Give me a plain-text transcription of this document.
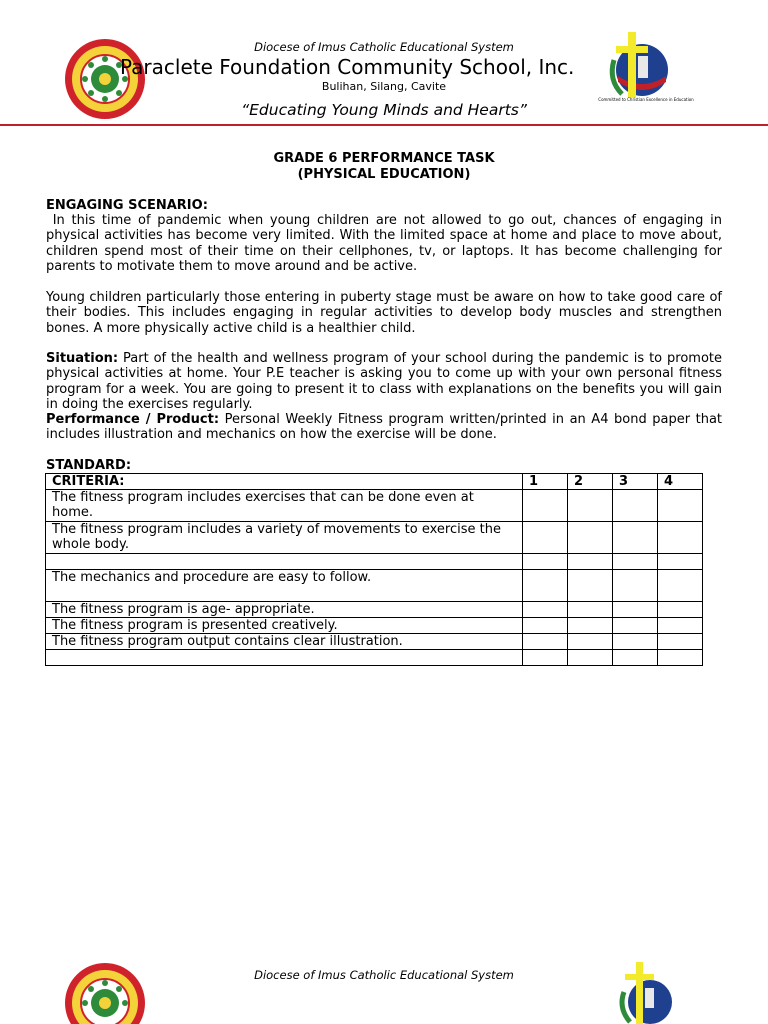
Committed to Christian Excellence in Education
Diocese of Imus Catholic Educational System
Paraclete Foundation Community School, Inc.
Bulihan, Silang, Cavite
“Educating Young Minds and Hearts”
GRADE 6 PERFORMANCE TASK
(PHYSICAL EDUCATION)
ENGAGING SCENARIO:
In this time of pandemic when young children are not allowed to go out, chances of engaging in physical activities has become very limited. With the limited space at home and place to move about, children spend most of their time on their cellphones, tv, or laptops. It has become challenging for parents to motivate them to move around and be active.
Young children particularly those entering in puberty stage must be aware on how to take good care of their bodies. This includes engaging in regular activities to develop body muscles and strengthen bones. A more physically active child is a healthier child.
Situation: Part of the health and wellness program of your school during the pandemic is to promote physical activities at home. Your P.E teacher is asking you to come up with your own personal fitness program for a week. You are going to present it to class with explanations on the benefits you will gain in doing the exercises regularly.
Performance / Product: Personal Weekly Fitness program written/printed in an A4 bond paper that includes illustration and mechanics on how the exercise will be done.
STANDARD:
CRITERIA:	1	2	3	4
The fitness program includes exercises that can be done even at home.				
The fitness program includes a variety of movements to exercise the whole body.				

The mechanics and procedure are easy to follow.				
The fitness program is age- appropriate.				
The fitness program is presented creatively.				
The fitness program output contains clear illustration.				

Diocese of Imus Catholic Educational System
